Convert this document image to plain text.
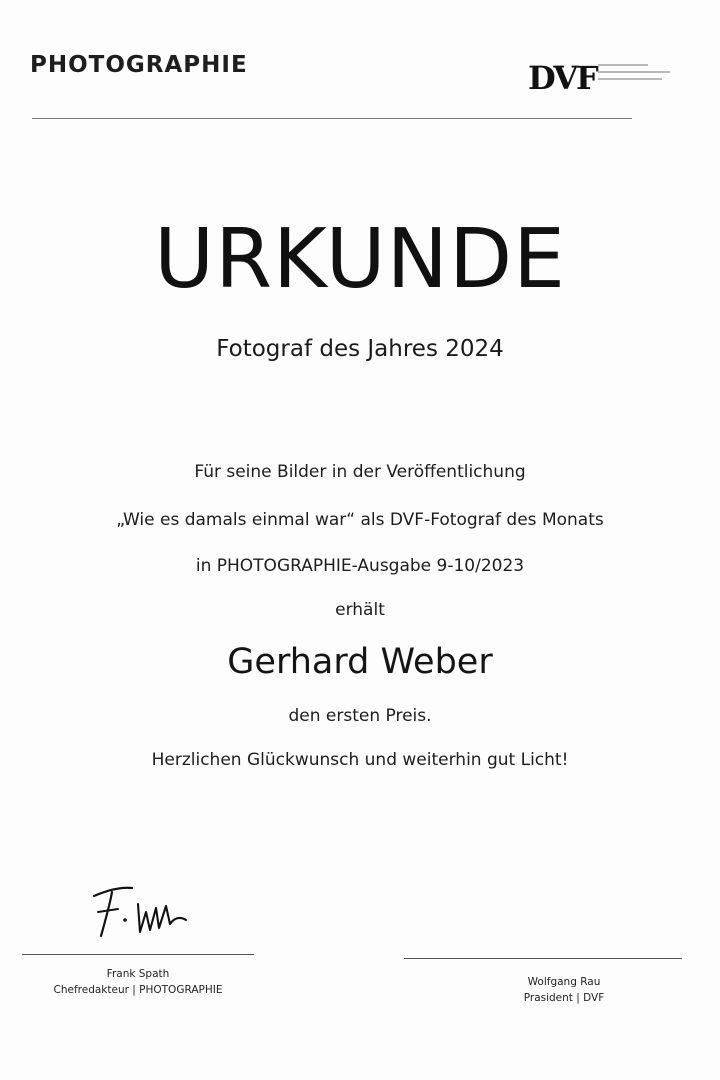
PHOTOGRAPHIE	DVF
URKUNDE
Fotograf des Jahres 2024
Für seine Bilder in der Veröffentlichung
„Wie es damals einmal war“ als DVF-Fotograf des Monats
in PHOTOGRAPHIE-Ausgabe 9-10/2023
erhält
Gerhard Weber
den ersten Preis.
Herzlichen Glückwunsch und weiterhin gut Licht!
Frank Spath
Chefredakteur | PHOTOGRAPHIE
Wolfgang Rau
Prasident | DVF
